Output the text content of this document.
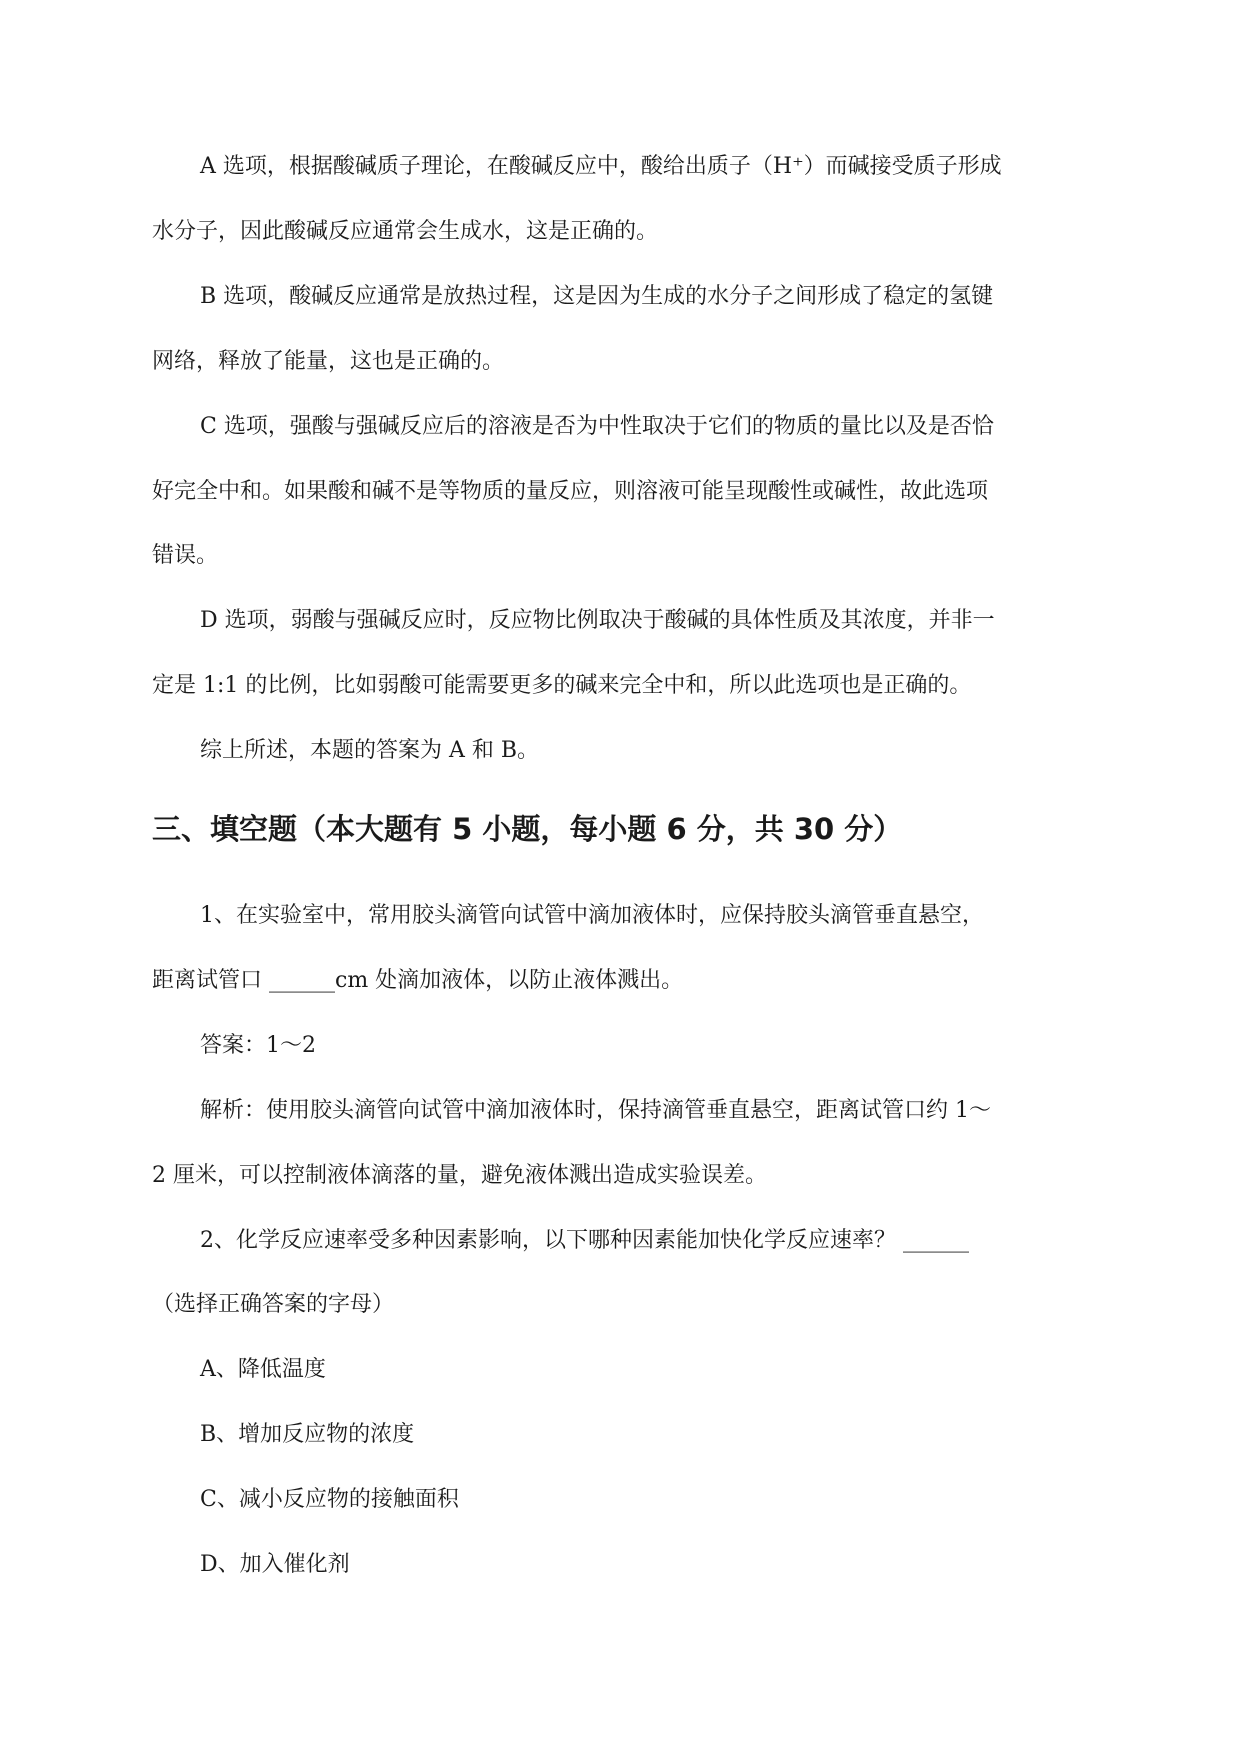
A 选项，根据酸碱质子理论，在酸碱反应中，酸给出质子（H⁺）而碱接受质子形成
水分子，因此酸碱反应通常会生成水，这是正确的。
B 选项，酸碱反应通常是放热过程，这是因为生成的水分子之间形成了稳定的氢键
网络，释放了能量，这也是正确的。
C 选项，强酸与强碱反应后的溶液是否为中性取决于它们的物质的量比以及是否恰
好完全中和。如果酸和碱不是等物质的量反应，则溶液可能呈现酸性或碱性，故此选项
错误。
D 选项，弱酸与强碱反应时，反应物比例取决于酸碱的具体性质及其浓度，并非一
定是 1:1 的比例，比如弱酸可能需要更多的碱来完全中和，所以此选项也是正确的。
综上所述，本题的答案为 A 和 B。
三、填空题（本大题有 5 小题，每小题 6 分，共 30 分）
1、在实验室中，常用胶头滴管向试管中滴加液体时，应保持胶头滴管垂直悬空，
距离试管口 ______cm 处滴加液体，以防止液体溅出。
答案：1～2
解析：使用胶头滴管向试管中滴加液体时，保持滴管垂直悬空，距离试管口约 1～
2 厘米，可以控制液体滴落的量，避免液体溅出造成实验误差。
2、化学反应速率受多种因素影响，以下哪种因素能加快化学反应速率？ ______
（选择正确答案的字母）
A、降低温度
B、增加反应物的浓度
C、减小反应物的接触面积
D、加入催化剂
